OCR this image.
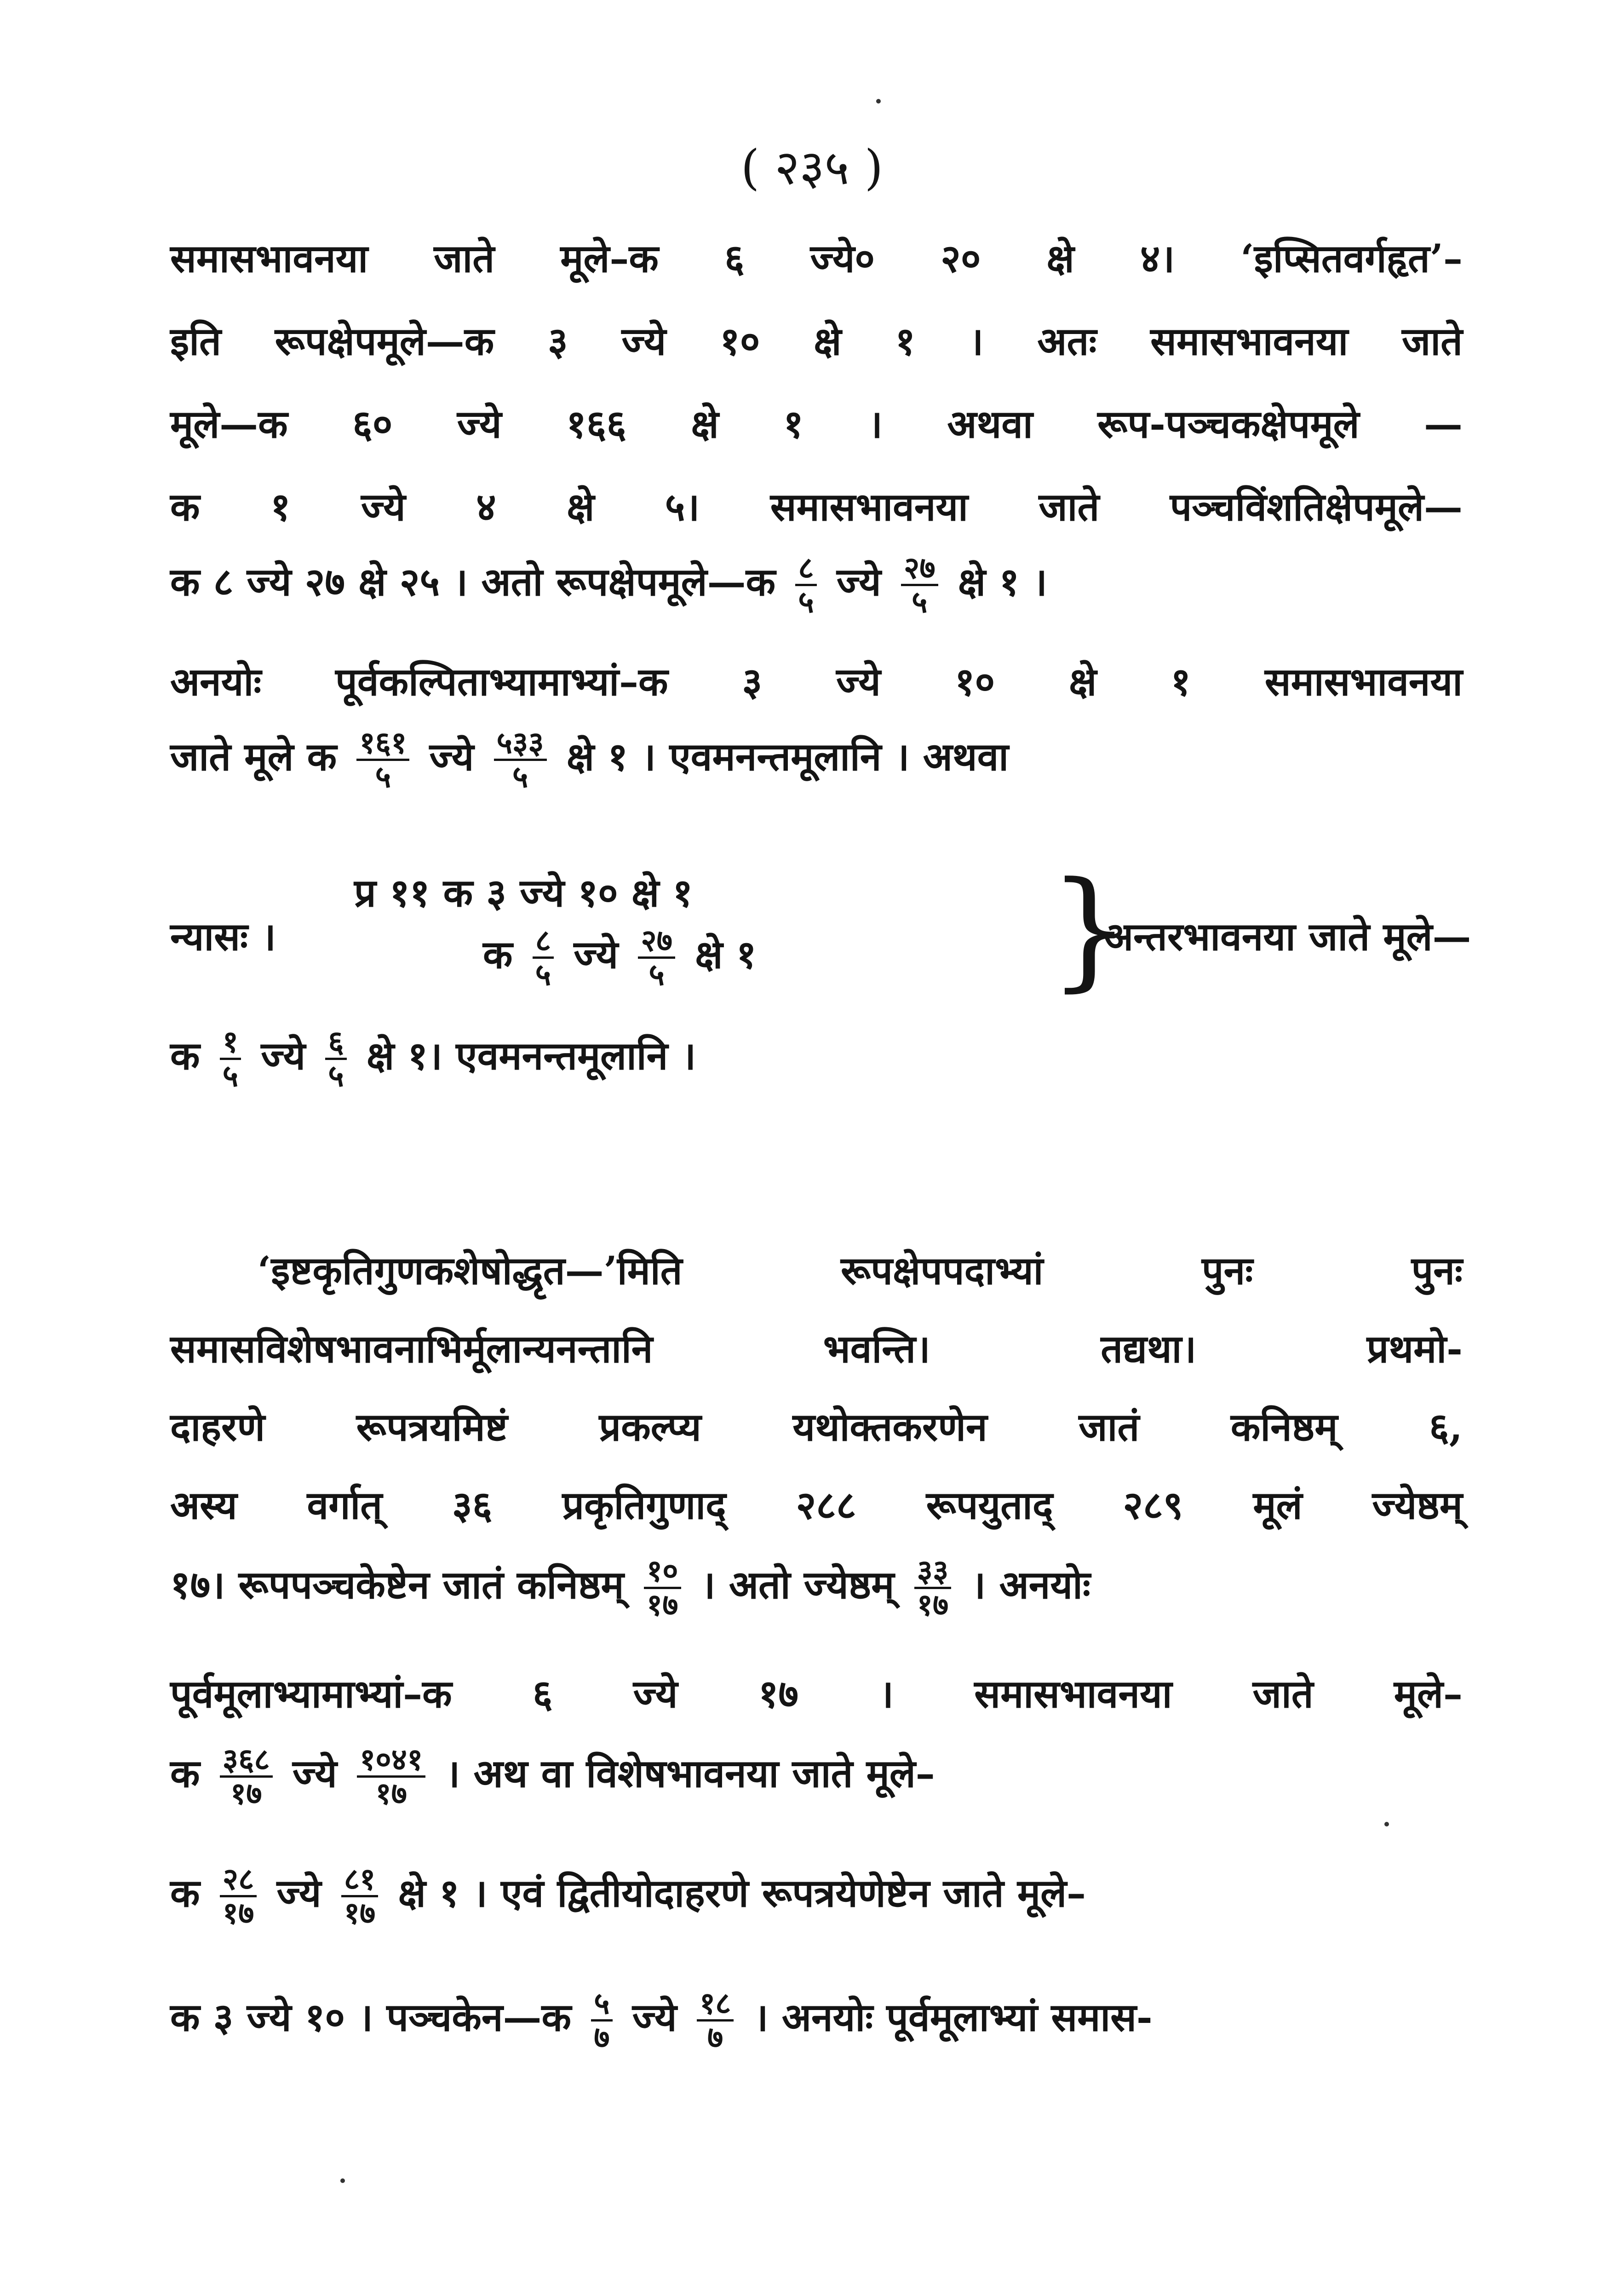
( २३५ )
समासभावनया जाते मूले–क ६ ज्ये० २० क्षे ४। ‘इप्सितवर्गहृत’–
इति रूपक्षेपमूले—क ३ ज्ये १० क्षे १ । अतः समासभावनया जाते
मूले—क ६० ज्ये १६६ क्षे १ । अथवा रूप-पञ्चकक्षेपमूले —
क १ ज्ये ४ क्षे ५। समासभावनया जाते पञ्चविंशतिक्षेपमूले—
क ८ ज्ये २७ क्षे २५ । अतो रूपक्षेपमूले—क $\frac{८}{५}$ ज्ये $\frac{२७}{५}$ क्षे १ ।
अनयोः पूर्वकल्पिताभ्यामाभ्यां–क ३ ज्ये १० क्षे १ समासभावनया
जाते मूले क $\frac{१६१}{५}$ ज्ये $\frac{५३३}{५}$ क्षे १ । एवमनन्तमूलानि । अथवा
न्यासः ।
प्र ११ क ३ ज्ये १० क्षे १
क $\frac{८}{५}$ ज्ये $\frac{२७}{५}$ क्षे १ }
अन्तरभावनया जाते मूले—
क $\frac{१}{५}$ ज्ये $\frac{६}{५}$ क्षे १। एवमनन्तमूलानि ।
‘इष्टकृतिगुणकशेषोद्धृत—’मिति रूपक्षेपपदाभ्यां पुनः पुनः
समासविशेषभावनाभिर्मूलान्यनन्तानि भवन्ति। तद्यथा। प्रथमो-
दाहरणे रूपत्रयमिष्टं प्रकल्प्य यथोक्तकरणेन जातं कनिष्ठम् ६,
अस्य वर्गात् ३६ प्रकृतिगुणाद् २८८ रूपयुताद् २८९ मूलं ज्येष्ठम्
१७। रूपपञ्चकेष्टेन जातं कनिष्ठम् $\frac{१०}{१७}$ । अतो ज्येष्ठम् $\frac{३३}{१७}$ । अनयोः
पूर्वमूलाभ्यामाभ्यां–क ६ ज्ये १७ । समासभावनया जाते मूले–
क $\frac{३६८}{१७}$ ज्ये $\frac{१०४१}{१७}$ । अथ वा विशेषभावनया जाते मूले–
क $\frac{२८}{१७}$ ज्ये $\frac{८१}{१७}$ क्षे १ । एवं द्वितीयोदाहरणे रूपत्रयेणेष्टेन जाते मूले–
क ३ ज्ये १० । पञ्चकेन—क $\frac{५}{७}$ ज्ये $\frac{१८}{७}$ । अनयोः पूर्वमूलाभ्यां समास-
